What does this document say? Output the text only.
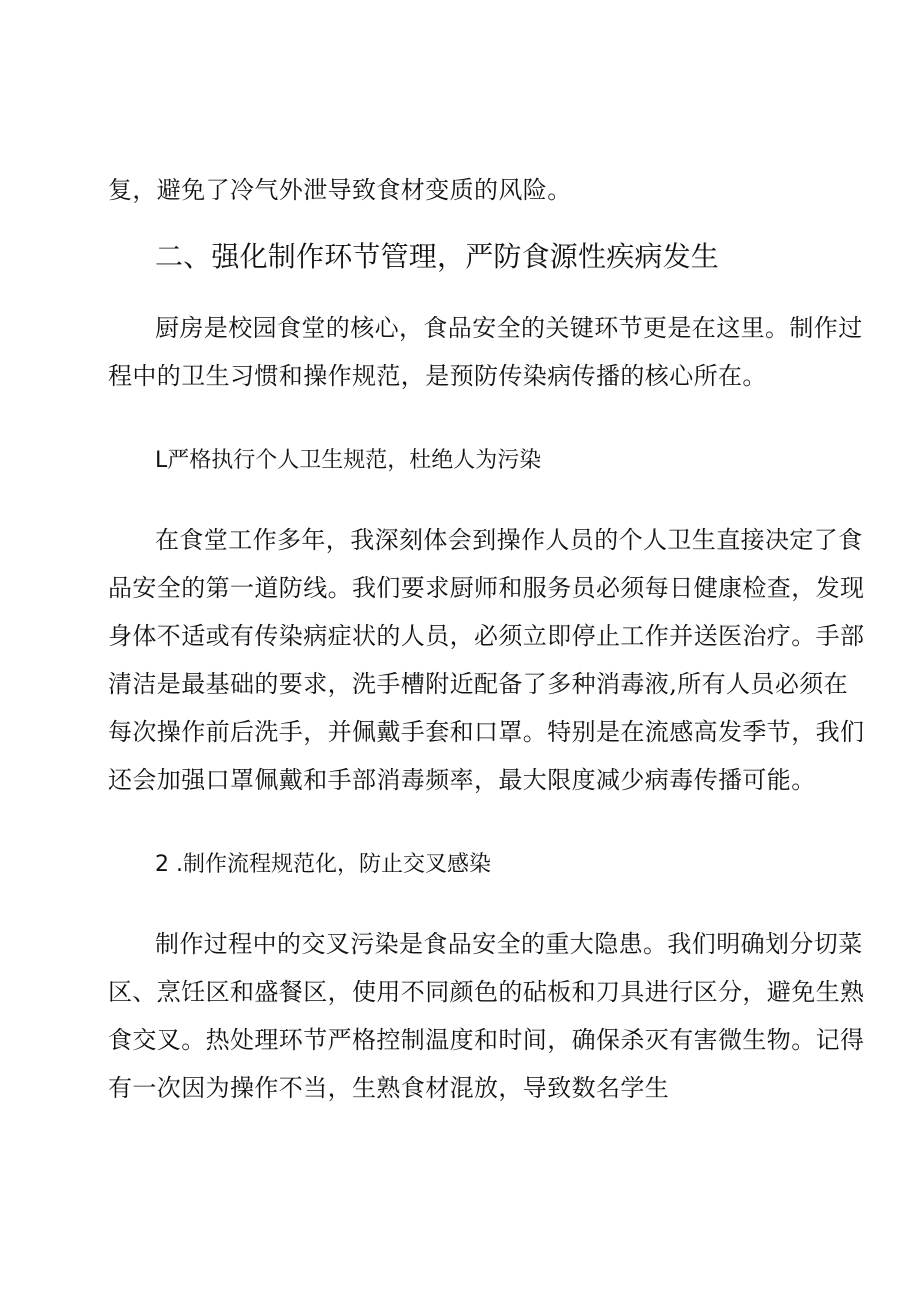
复，避免了冷气外泄导致食材变质的风险。
二、强化制作环节管理，严防食源性疾病发生
厨房是校园食堂的核心，食品安全的关键环节更是在这里。制作过
程中的卫生习惯和操作规范，是预防传染病传播的核心所在。
L严格执行个人卫生规范，杜绝人为污染
在食堂工作多年，我深刻体会到操作人员的个人卫生直接决定了食
品安全的第一道防线。我们要求厨师和服务员必须每日健康检查，发现
身体不适或有传染病症状的人员，必须立即停止工作并送医治疗。手部
清洁是最基础的要求，洗手槽附近配备了多种消毒液,所有人员必须在
每次操作前后洗手，并佩戴手套和口罩。特别是在流感高发季节，我们
还会加强口罩佩戴和手部消毒频率，最大限度减少病毒传播可能。
2 .制作流程规范化，防止交叉感染
制作过程中的交叉污染是食品安全的重大隐患。我们明确划分切菜
区、烹饪区和盛餐区，使用不同颜色的砧板和刀具进行区分，避免生熟
食交叉。热处理环节严格控制温度和时间，确保杀灭有害微生物。记得
有一次因为操作不当，生熟食材混放，导致数名学生
